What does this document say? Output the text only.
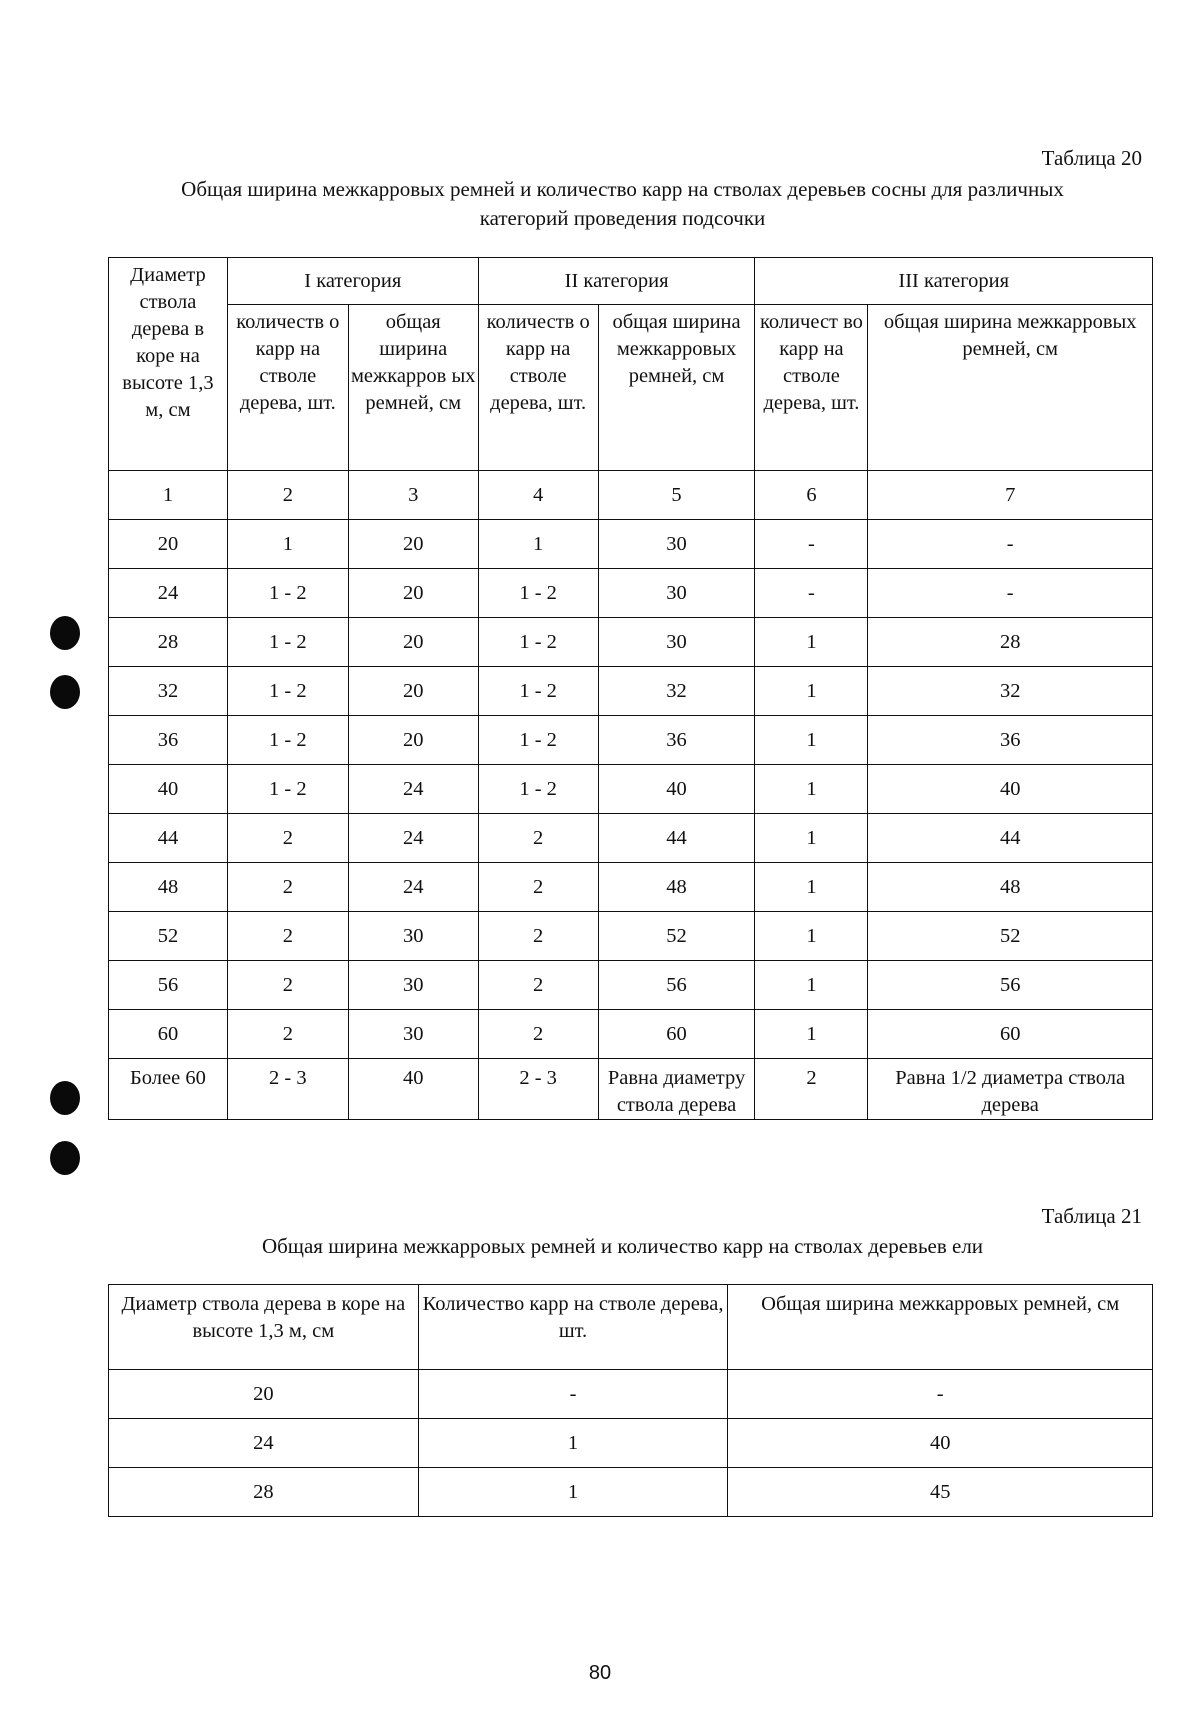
Таблица 20
Общая ширина межкарровых ремней и количество карр на стволах деревьев сосны для различных
категорий проведения подсочки
Диаметр ствола дерева в коре на высоте 1,3 м, см	I категория		II категория		III категория	
	количеств о карр на стволе дерева, шт.	общая ширина межкарров ых ремней, см	количеств о карр на стволе дерева, шт.	общая ширина межкарровых ремней, см	количест во карр на стволе дерева, шт.	общая ширина межкарровых ремней, см
1	2	3	4	5	6	7
20	1	20	1	30	-	-
24	1 - 2	20	1 - 2	30	-	-
28	1 - 2	20	1 - 2	30	1	28
32	1 - 2	20	1 - 2	32	1	32
36	1 - 2	20	1 - 2	36	1	36
40	1 - 2	24	1 - 2	40	1	40
44	2	24	2	44	1	44
48	2	24	2	48	1	48
52	2	30	2	52	1	52
56	2	30	2	56	1	56
60	2	30	2	60	1	60
Более 60	2 - 3	40	2 - 3	Равна диаметру ствола дерева	2	Равна 1/2 диаметра ствола дерева
Таблица 21
Общая ширина межкарровых ремней и количество карр на стволах деревьев ели
Диаметр ствола дерева в коре на высоте 1,3 м, см	Количество карр на стволе дерева, шт.	Общая ширина межкарровых ремней, см
20	-	-
24	1	40
28	1	45
80
